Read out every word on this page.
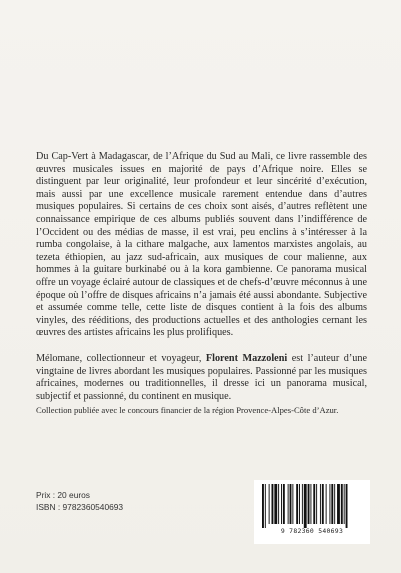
Du Cap-Vert à Madagascar, de l’Afrique du Sud au Mali, ce livre rassemble des œuvres musicales issues en majorité de pays d’Afrique noire. Elles se distinguent par leur originalité, leur profondeur et leur sincérité d’exécution, mais aussi par une excellence musicale rarement entendue dans d’autres musiques populaires. Si certains de ces choix sont aisés, d’autres reflètent une connaissance empirique de ces albums publiés souvent dans l’indifférence de l’Occident ou des médias de masse, il est vrai, peu enclins à s’intéresser à la rumba congolaise, à la cithare malgache, aux lamentos marxistes angolais, au tezeta éthiopien, au jazz sud-africain, aux musiques de cour malienne, aux hommes à la guitare burkinabé ou à la kora gambienne. Ce panorama musical offre un voyage éclairé autour de classiques et de chefs-d’œuvre méconnus à une époque où l’offre de disques africains n’a jamais été aussi abondante. Subjective et assumée comme telle, cette liste de disques contient à la fois des albums vinyles, des rééditions, des productions actuelles et des anthologies cernant les œuvres des artistes africains les plus prolifiques.

Mélomane, collectionneur et voyageur, Florent Mazzoleni est l’auteur d’une vingtaine de livres abordant les musiques populaires. Passionné par les musiques africaines, modernes ou traditionnelles, il dresse ici un panorama musical, subjectif et passionné, du continent en musique.

Collection publiée avec le concours financier de la région Provence-Alpes-Côte d’Azur.
Prix : 20 euros
ISBN : 9782360540693
9 782360 540693
